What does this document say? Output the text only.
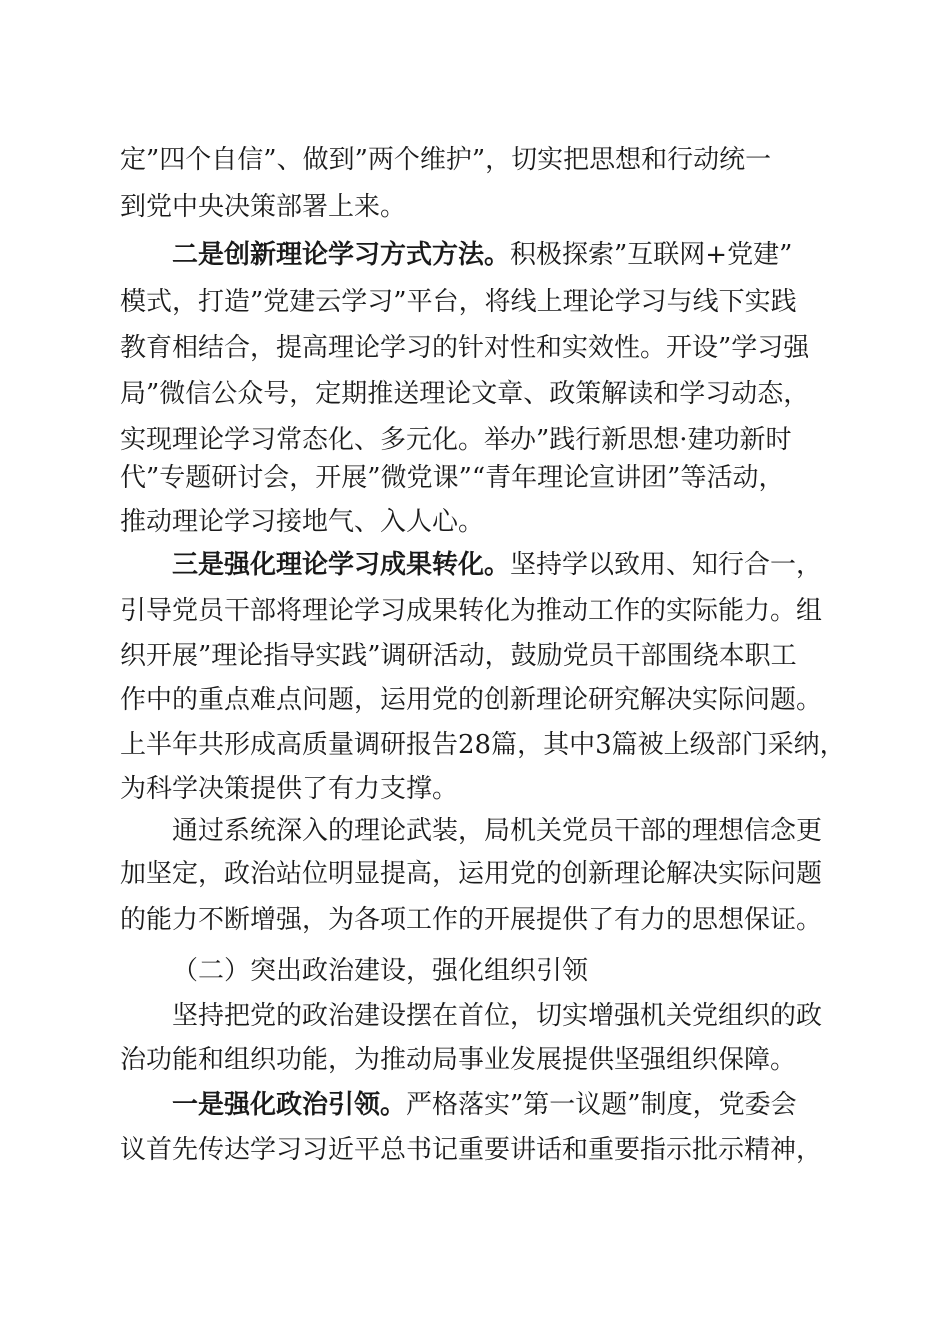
定”四个自信”、做到”两个维护”，切实把思想和行动统一
到党中央决策部署上来。
二是创新理论学习方式方法。积极探索”互联网+党建”
模式，打造”党建云学习”平台，将线上理论学习与线下实践
教育相结合，提高理论学习的针对性和实效性。开设”学习强
局”微信公众号，定期推送理论文章、政策解读和学习动态，
实现理论学习常态化、多元化。举办”践行新思想·建功新时
代”专题研讨会，开展”微党课”“青年理论宣讲团”等活动，
推动理论学习接地气、入人心。
三是强化理论学习成果转化。坚持学以致用、知行合一，
引导党员干部将理论学习成果转化为推动工作的实际能力。组
织开展”理论指导实践”调研活动，鼓励党员干部围绕本职工
作中的重点难点问题，运用党的创新理论研究解决实际问题。
上半年共形成高质量调研报告28篇，其中3篇被上级部门采纳，
为科学决策提供了有力支撑。
通过系统深入的理论武装，局机关党员干部的理想信念更
加坚定，政治站位明显提高，运用党的创新理论解决实际问题
的能力不断增强，为各项工作的开展提供了有力的思想保证。
（二）突出政治建设，强化组织引领
坚持把党的政治建设摆在首位，切实增强机关党组织的政
治功能和组织功能，为推动局事业发展提供坚强组织保障。
一是强化政治引领。严格落实”第一议题”制度，党委会
议首先传达学习习近平总书记重要讲话和重要指示批示精神，
